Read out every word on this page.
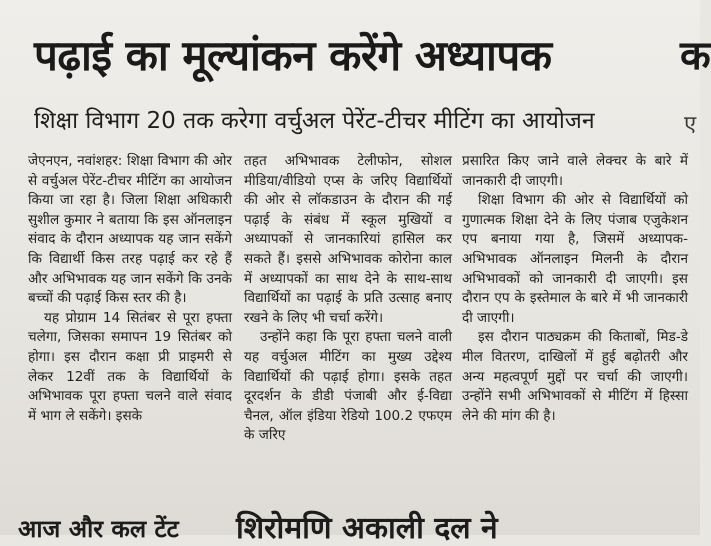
पढ़ाई का मूल्यांकन करेंगे अध्यापक	क
शिक्षा विभाग 20 तक करेगा वर्चुअल पेरेंट-टीचर मीटिंग का आयोजन	ए

जेएनएन, नवांशहर: शिक्षा विभाग की ओर से वर्चुअल पेरेंट-टीचर मीटिंग का आयोजन किया जा रहा है। जिला शिक्षा अधिकारी सुशील कुमार ने बताया कि इस ऑनलाइन संवाद के दौरान अध्यापक यह जान सकेंगे कि विद्यार्थी किस तरह पढ़ाई कर रहे हैं और अभिभावक यह जान सकेंगे कि उनके बच्चों की पढ़ाई किस स्तर की है।

यह प्रोग्राम 14 सितंबर से पूरा हफ्ता चलेगा, जिसका समापन 19 सितंबर को होगा। इस दौरान कक्षा प्री प्राइमरी से लेकर 12वीं तक के विद्यार्थियों के अभिभावक पूरा हफ्ता चलने वाले संवाद में भाग ले सकेंगे। इसके

तहत अभिभावक टेलीफोन, सोशल मीडिया/वीडियो एप्स के जरिए विद्यार्थियों की ओर से लॉकडाउन के दौरान की गई पढ़ाई के संबंध में स्कूल मुखियों व अध्यापकों से जानकारियां हासिल कर सकते हैं। इससे अभिभावक कोरोना काल में अध्यापकों का साथ देने के साथ-साथ विद्यार्थियों का पढ़ाई के प्रति उत्साह बनाए रखने के लिए भी चर्चा करेंगे।

उन्होंने कहा कि पूरा हफ्ता चलने वाली यह वर्चुअल मीटिंग का मुख्य उद्देश्य विद्यार्थियों की पढ़ाई होगा। इसके तहत दूरदर्शन के डीडी पंजाबी और ई-विद्या चैनल, ऑल इंडिया रेडियो 100.2 एफएम के जरिए

प्रसारित किए जाने वाले लेक्चर के बारे में जानकारी दी जाएगी।

शिक्षा विभाग की ओर से विद्यार्थियों को गुणात्मक शिक्षा देने के लिए पंजाब एजुकेशन एप बनाया गया है, जिसमें अध्यापक-अभिभावक ऑनलाइन मिलनी के दौरान अभिभावकों को जानकारी दी जाएगी। इस दौरान एप के इस्तेमाल के बारे में भी जानकारी दी जाएगी।

इस दौरान पाठ्यक्रम की किताबों, मिड-डे मील वितरण, दाखिलों में हुई बढ़ोतरी और अन्य महत्वपूर्ण मुद्दों पर चर्चा की जाएगी। उन्होंने सभी अभिभावकों से मीटिंग में हिस्सा लेने की मांग की है।

आज और कल टेंट शिरोमणि अकाली दल ने
